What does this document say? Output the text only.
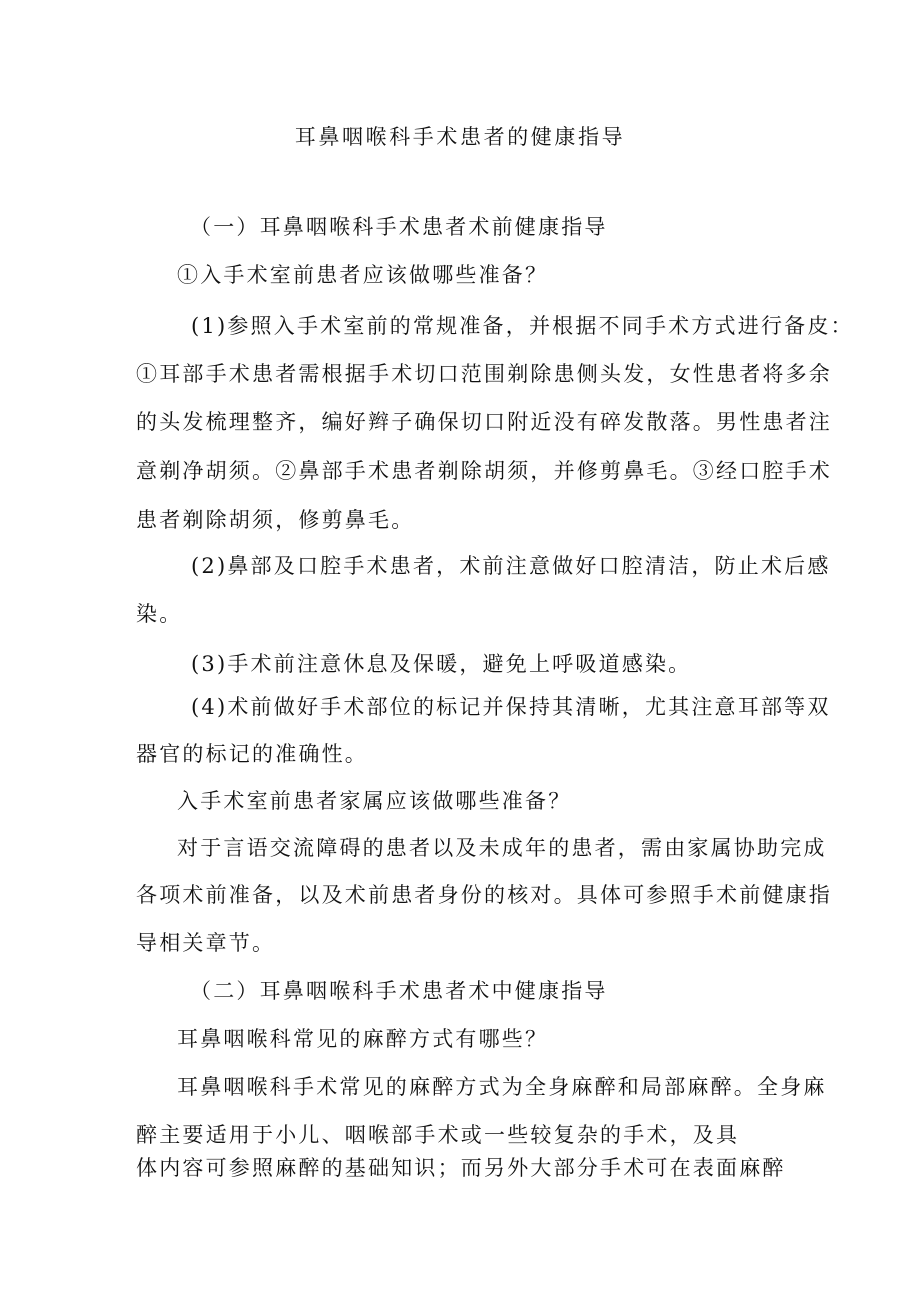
耳鼻咽喉科手术患者的健康指导
（一）耳鼻咽喉科手术患者术前健康指导
①入手术室前患者应该做哪些准备？
(1)参照入手术室前的常规准备，并根据不同手术方式进行备皮：
①耳部手术患者需根据手术切口范围剃除患侧头发，女性患者将多余
的头发梳理整齐，编好辫子确保切口附近没有碎发散落。男性患者注
意剃净胡须。②鼻部手术患者剃除胡须，并修剪鼻毛。③经口腔手术
患者剃除胡须，修剪鼻毛。
(2)鼻部及口腔手术患者，术前注意做好口腔清洁，防止术后感
染。
(3)手术前注意休息及保暖，避免上呼吸道感染。
(4)术前做好手术部位的标记并保持其清晰，尤其注意耳部等双
器官的标记的准确性。
入手术室前患者家属应该做哪些准备？
对于言语交流障碍的患者以及未成年的患者，需由家属协助完成
各项术前准备，以及术前患者身份的核对。具体可参照手术前健康指
导相关章节。
（二）耳鼻咽喉科手术患者术中健康指导
耳鼻咽喉科常见的麻醉方式有哪些？
耳鼻咽喉科手术常见的麻醉方式为全身麻醉和局部麻醉。全身麻
醉主要适用于小儿、咽喉部手术或一些较复杂的手术，及具
体内容可参照麻醉的基础知识；而另外大部分手术可在表面麻醉
